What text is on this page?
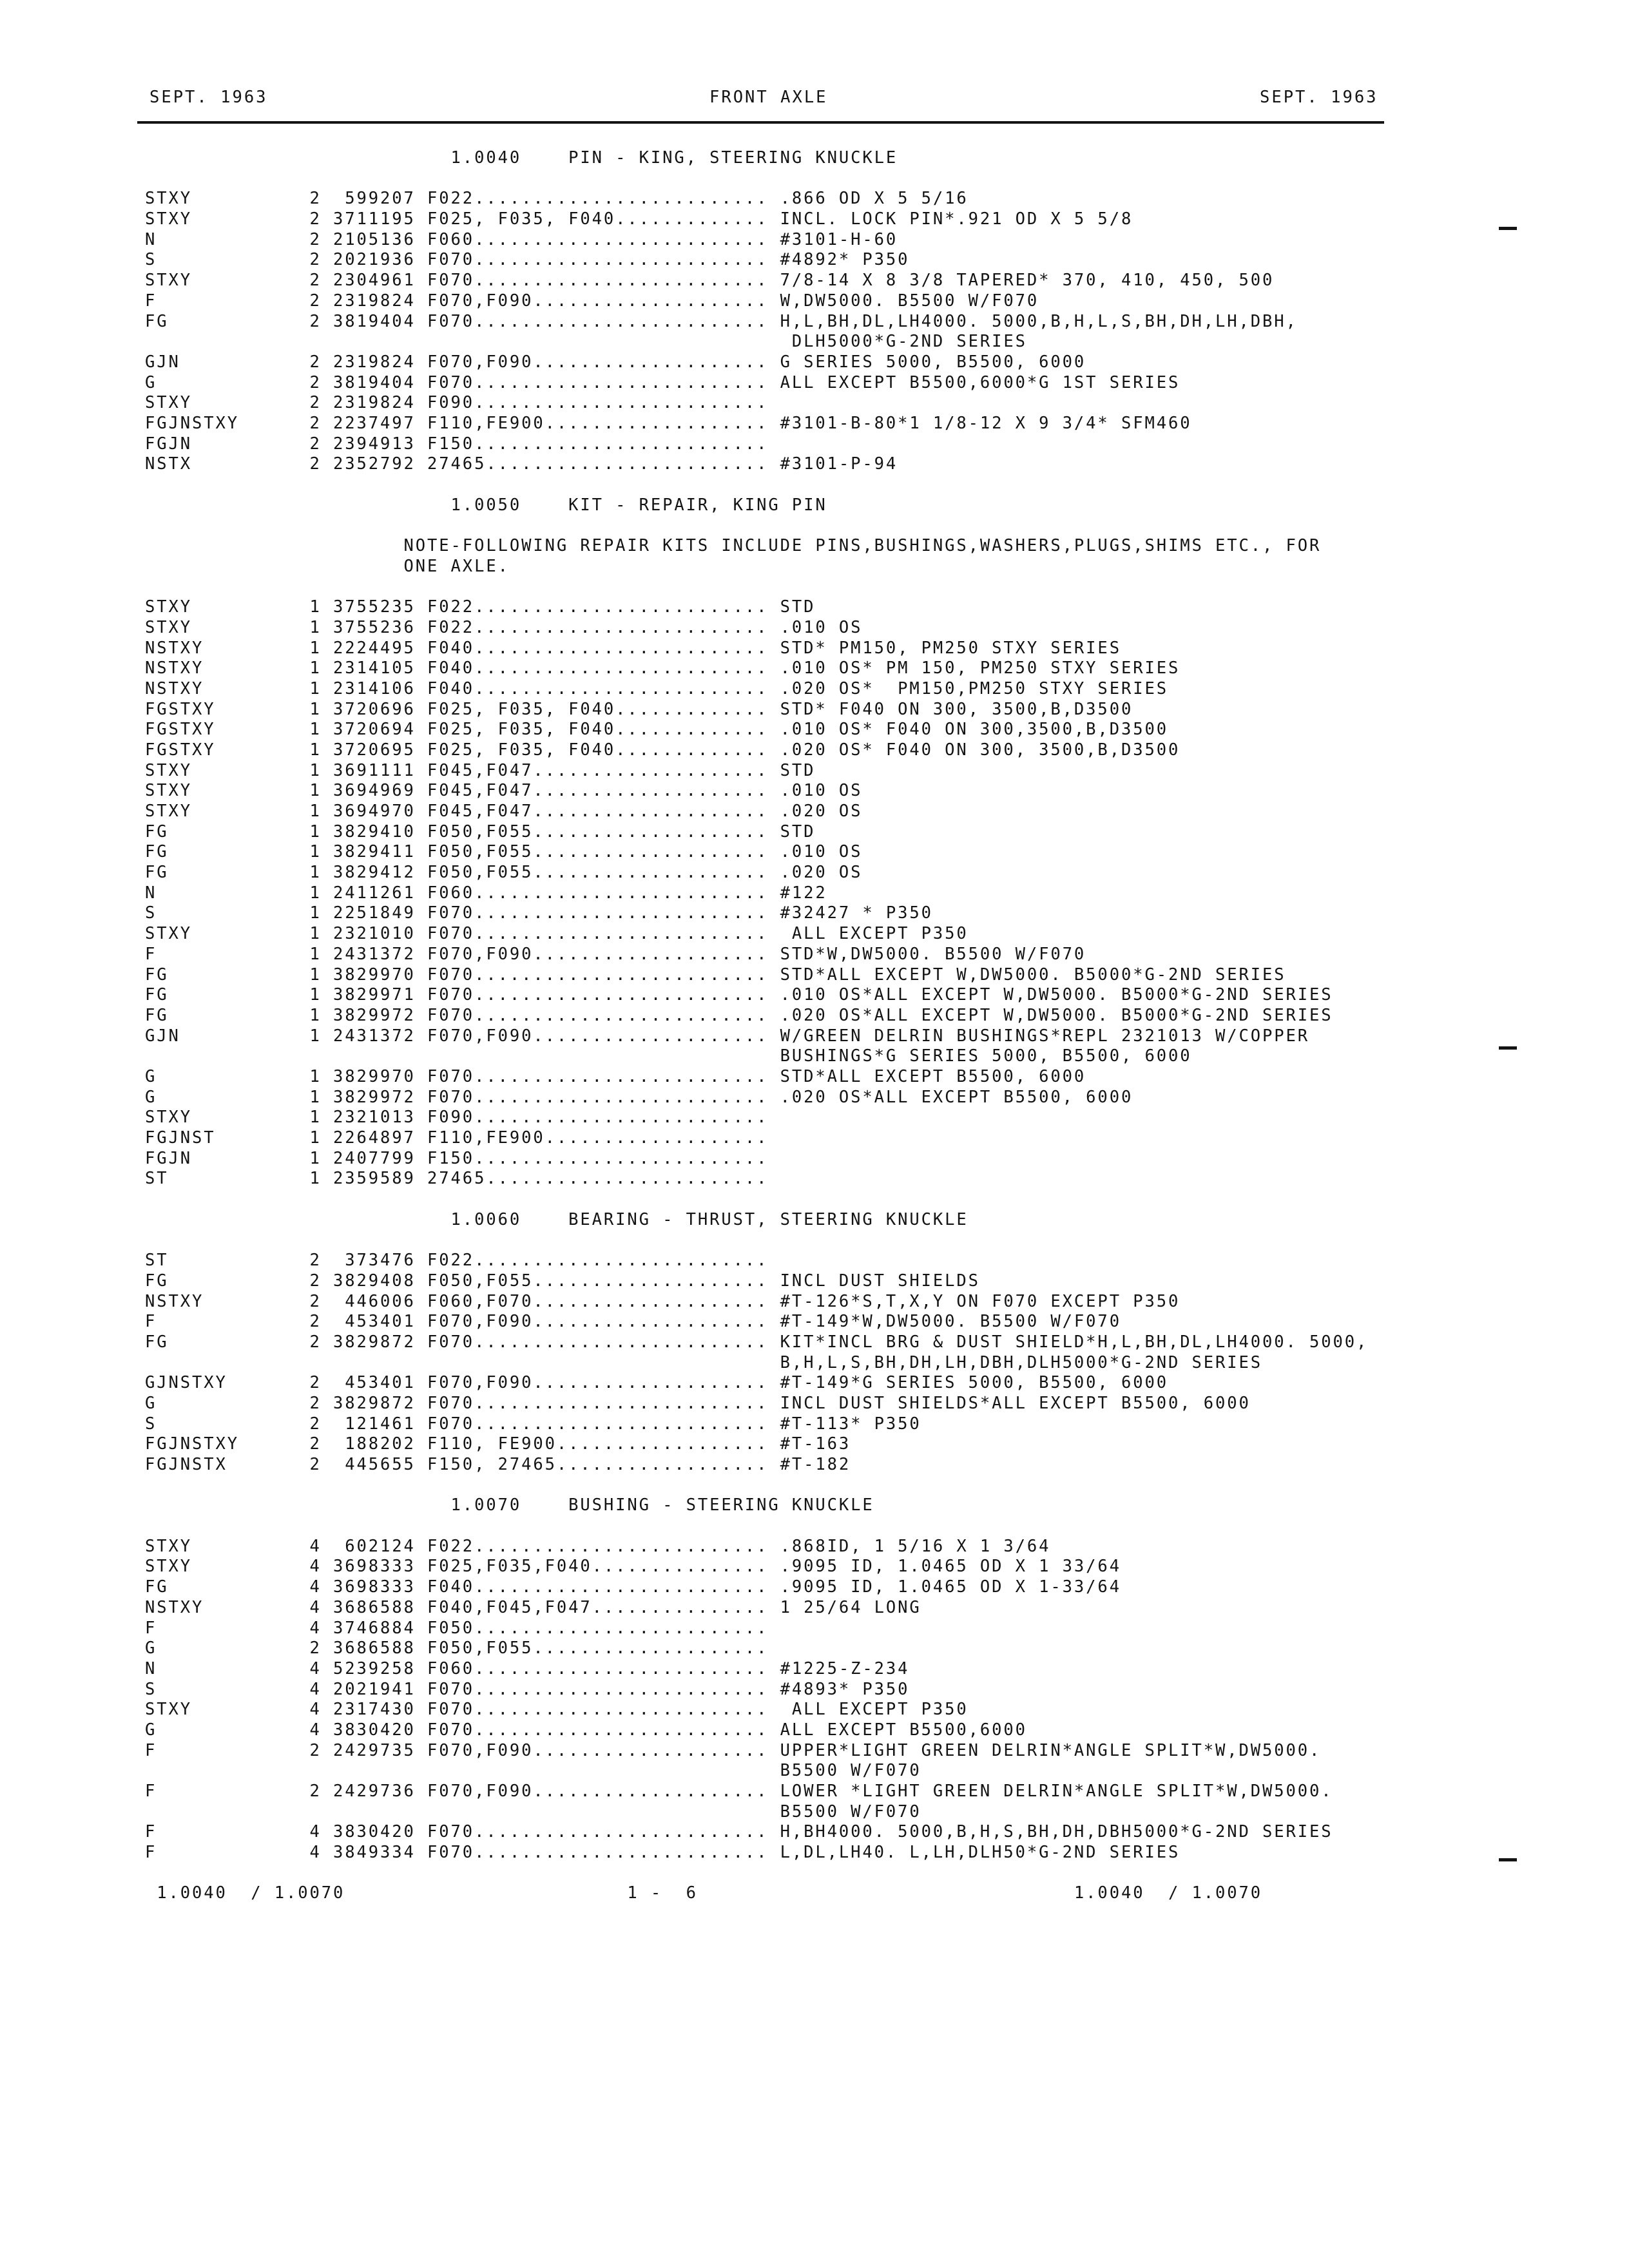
SEPT. 1963	FRONT AXLE	SEPT. 1963
1.0040    PIN - KING, STEERING KNUCKLE
STXY          2  599207 F022......................... .866 OD X 5 5/16
STXY          2 3711195 F025, F035, F040............. INCL. LOCK PIN*.921 OD X 5 5/8
N             2 2105136 F060......................... #3101-H-60
S             2 2021936 F070......................... #4892* P350
STXY          2 2304961 F070......................... 7/8-14 X 8 3/8 TAPERED* 370, 410, 450, 500
F             2 2319824 F070,F090.................... W,DW5000. B5500 W/F070
FG            2 3819404 F070......................... H,L,BH,DL,LH4000. 5000,B,H,L,S,BH,DH,LH,DBH,
DLH5000*G-2ND SERIES
GJN           2 2319824 F070,F090.................... G SERIES 5000, B5500, 6000
G             2 3819404 F070......................... ALL EXCEPT B5500,6000*G 1ST SERIES
STXY          2 2319824 F090.........................
FGJNSTXY      2 2237497 F110,FE900................... #3101-B-80*1 1/8-12 X 9 3/4* SFM460
FGJN          2 2394913 F150.........................
NSTX          2 2352792 27465........................ #3101-P-94
1.0050    KIT - REPAIR, KING PIN
NOTE-FOLLOWING REPAIR KITS INCLUDE PINS,BUSHINGS,WASHERS,PLUGS,SHIMS ETC., FOR
ONE AXLE.
STXY          1 3755235 F022......................... STD
STXY          1 3755236 F022......................... .010 OS
NSTXY         1 2224495 F040......................... STD* PM150, PM250 STXY SERIES
NSTXY         1 2314105 F040......................... .010 OS* PM 150, PM250 STXY SERIES
NSTXY         1 2314106 F040......................... .020 OS*  PM150,PM250 STXY SERIES
FGSTXY        1 3720696 F025, F035, F040............. STD* F040 ON 300, 3500,B,D3500
FGSTXY        1 3720694 F025, F035, F040............. .010 OS* F040 ON 300,3500,B,D3500
FGSTXY        1 3720695 F025, F035, F040............. .020 OS* F040 ON 300, 3500,B,D3500
STXY          1 3691111 F045,F047.................... STD
STXY          1 3694969 F045,F047.................... .010 OS
STXY          1 3694970 F045,F047.................... .020 OS
FG            1 3829410 F050,F055.................... STD
FG            1 3829411 F050,F055.................... .010 OS
FG            1 3829412 F050,F055.................... .020 OS
N             1 2411261 F060......................... #122
S             1 2251849 F070......................... #32427 * P350
STXY          1 2321010 F070.........................  ALL EXCEPT P350
F             1 2431372 F070,F090.................... STD*W,DW5000. B5500 W/F070
FG            1 3829970 F070......................... STD*ALL EXCEPT W,DW5000. B5000*G-2ND SERIES
FG            1 3829971 F070......................... .010 OS*ALL EXCEPT W,DW5000. B5000*G-2ND SERIES
FG            1 3829972 F070......................... .020 OS*ALL EXCEPT W,DW5000. B5000*G-2ND SERIES
GJN           1 2431372 F070,F090.................... W/GREEN DELRIN BUSHINGS*REPL 2321013 W/COPPER
BUSHINGS*G SERIES 5000, B5500, 6000
G             1 3829970 F070......................... STD*ALL EXCEPT B5500, 6000
G             1 3829972 F070......................... .020 OS*ALL EXCEPT B5500, 6000
STXY          1 2321013 F090.........................
FGJNST        1 2264897 F110,FE900...................
FGJN          1 2407799 F150.........................
ST            1 2359589 27465........................
1.0060    BEARING - THRUST, STEERING KNUCKLE
ST            2  373476 F022.........................
FG            2 3829408 F050,F055.................... INCL DUST SHIELDS
NSTXY         2  446006 F060,F070.................... #T-126*S,T,X,Y ON F070 EXCEPT P350
F             2  453401 F070,F090.................... #T-149*W,DW5000. B5500 W/F070
FG            2 3829872 F070......................... KIT*INCL BRG & DUST SHIELD*H,L,BH,DL,LH4000. 5000,
B,H,L,S,BH,DH,LH,DBH,DLH5000*G-2ND SERIES
GJNSTXY       2  453401 F070,F090.................... #T-149*G SERIES 5000, B5500, 6000
G             2 3829872 F070......................... INCL DUST SHIELDS*ALL EXCEPT B5500, 6000
S             2  121461 F070......................... #T-113* P350
FGJNSTXY      2  188202 F110, FE900.................. #T-163
FGJNSTX       2  445655 F150, 27465.................. #T-182
1.0070    BUSHING - STEERING KNUCKLE
STXY          4  602124 F022......................... .868ID, 1 5/16 X 1 3/64
STXY          4 3698333 F025,F035,F040............... .9095 ID, 1.0465 OD X 1 33/64
FG            4 3698333 F040......................... .9095 ID, 1.0465 OD X 1-33/64
NSTXY         4 3686588 F040,F045,F047............... 1 25/64 LONG
F             4 3746884 F050.........................
G             2 3686588 F050,F055....................
N             4 5239258 F060......................... #1225-Z-234
S             4 2021941 F070......................... #4893* P350
STXY          4 2317430 F070.........................  ALL EXCEPT P350
G             4 3830420 F070......................... ALL EXCEPT B5500,6000
F             2 2429735 F070,F090.................... UPPER*LIGHT GREEN DELRIN*ANGLE SPLIT*W,DW5000.
B5500 W/F070
F             2 2429736 F070,F090.................... LOWER *LIGHT GREEN DELRIN*ANGLE SPLIT*W,DW5000.
B5500 W/F070
F             4 3830420 F070......................... H,BH4000. 5000,B,H,S,BH,DH,DBH5000*G-2ND SERIES
F             4 3849334 F070......................... L,DL,LH40. L,LH,DLH50*G-2ND SERIES
1.0040  / 1.0070                        1 -  6                                1.0040  / 1.0070
